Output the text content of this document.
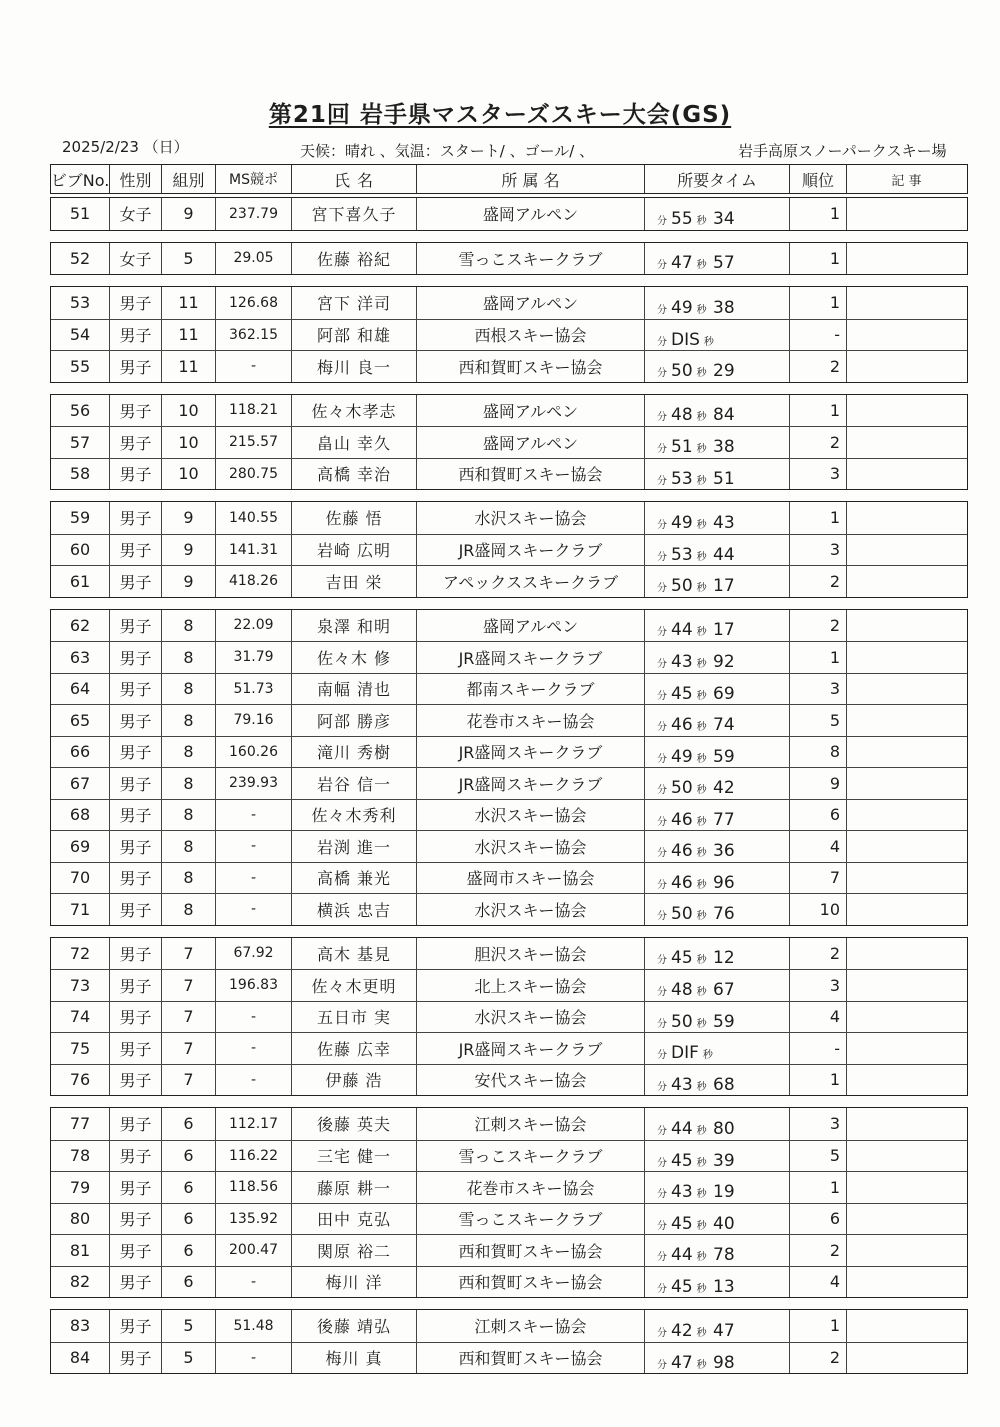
第21回 岩手県マスターズスキー大会(GS)
2025/2/23 （日）	天候：晴れ 、気温：スタート/ 、ゴール/ 、	岩手高原スノーパークスキー場
ビブNo. 性別	組別	MS競ポ	氏 名	所 属 名	所要タイム	順位	記 事
51	女子	9	237.79	宮下喜久子	盛岡アルペン	分 55 秒 34	1
52	女子	5	29.05	佐藤 裕紀	雪っこスキークラブ	分 47 秒 57	1
53	男子	11	126.68	宮下 洋司	盛岡アルペン	分 49 秒 38	1
54	男子	11	362.15	阿部 和雄	西根スキー協会	分 DIS 秒	-
55	男子	11	-	梅川 良一	西和賀町スキー協会	分 50 秒 29	2
56	男子	10	118.21	佐々木孝志	盛岡アルペン	分 48 秒 84	1
57	男子	10	215.57	畠山 幸久	盛岡アルペン	分 51 秒 38	2
58	男子	10	280.75	高橋 幸治	西和賀町スキー協会	分 53 秒 51	3
59	男子	9	140.55	佐藤 悟	水沢スキー協会	分 49 秒 43	1
60	男子	9	141.31	岩崎 広明	JR盛岡スキークラブ	分 53 秒 44	3
61	男子	9	418.26	吉田 栄	アペックススキークラブ	分 50 秒 17	2
62	男子	8	22.09	泉澤 和明	盛岡アルペン	分 44 秒 17	2
63	男子	8	31.79	佐々木 修	JR盛岡スキークラブ	分 43 秒 92	1
64	男子	8	51.73	南幅 清也	都南スキークラブ	分 45 秒 69	3
65	男子	8	79.16	阿部 勝彦	花巻市スキー協会	分 46 秒 74	5
66	男子	8	160.26	滝川 秀樹	JR盛岡スキークラブ	分 49 秒 59	8
67	男子	8	239.93	岩谷 信一	JR盛岡スキークラブ	分 50 秒 42	9
68	男子	8	-	佐々木秀利	水沢スキー協会	分 46 秒 77	6
69	男子	8	-	岩渕 進一	水沢スキー協会	分 46 秒 36	4
70	男子	8	-	高橋 兼光	盛岡市スキー協会	分 46 秒 96	7
71	男子	8	-	横浜 忠吉	水沢スキー協会	分 50 秒 76	10
72	男子	7	67.92	高木 基見	胆沢スキー協会	分 45 秒 12	2
73	男子	7	196.83	佐々木更明	北上スキー協会	分 48 秒 67	3
74	男子	7	-	五日市 実	水沢スキー協会	分 50 秒 59	4
75	男子	7	-	佐藤 広幸	JR盛岡スキークラブ	分 DIF 秒	-
76	男子	7	-	伊藤 浩	安代スキー協会	分 43 秒 68	1
77	男子	6	112.17	後藤 英夫	江刺スキー協会	分 44 秒 80	3
78	男子	6	116.22	三宅 健一	雪っこスキークラブ	分 45 秒 39	5
79	男子	6	118.56	藤原 耕一	花巻市スキー協会	分 43 秒 19	1
80	男子	6	135.92	田中 克弘	雪っこスキークラブ	分 45 秒 40	6
81	男子	6	200.47	関原 裕二	西和賀町スキー協会	分 44 秒 78	2
82	男子	6	-	梅川 洋	西和賀町スキー協会	分 45 秒 13	4
83	男子	5	51.48	後藤 靖弘	江刺スキー協会	分 42 秒 47	1
84	男子	5	-	梅川 真	西和賀町スキー協会	分 47 秒 98	2
